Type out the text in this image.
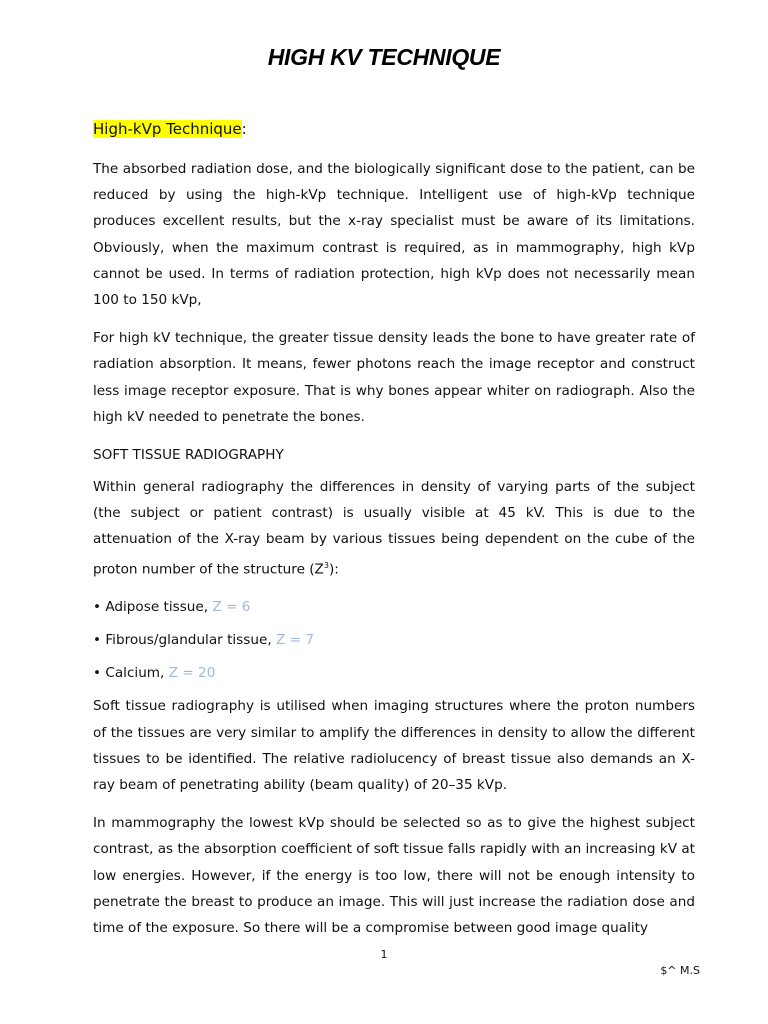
HIGH KV TECHNIQUE
High-kVp Technique:

The absorbed radiation dose, and the biologically significant dose to the patient, can be reduced by using the high-kVp technique. Intelligent use of high-kVp technique produces excellent results, but the x-ray specialist must be aware of its limitations. Obviously, when the maximum contrast is required, as in mammography, high kVp cannot be used. In terms of radiation protection, high kVp does not necessarily mean 100 to 150 kVp,

For high kV technique, the greater tissue density leads the bone to have greater rate of radiation absorption. It means, fewer photons reach the image receptor and construct less image receptor exposure. That is why bones appear whiter on radiograph. Also the high kV needed to penetrate the bones.

SOFT TISSUE RADIOGRAPHY

Within general radiography the differences in density of varying parts of the subject (the subject or patient contrast) is usually visible at 45 kV. This is due to the attenuation of the X-ray beam by various tissues being dependent on the cube of the proton number of the structure $(Z^3)$:

• Adipose tissue, Z = 6
• Fibrous/glandular tissue, Z = 7
• Calcium, Z = 20

Soft tissue radiography is utilised when imaging structures where the proton numbers of the tissues are very similar to amplify the differences in density to allow the different tissues to be identified. The relative radiolucency of breast tissue also demands an X-ray beam of penetrating ability (beam quality) of 20–35 kVp.

In mammography the lowest kVp should be selected so as to give the highest subject contrast, as the absorption coefficient of soft tissue falls rapidly with an increasing kV at low energies. However, if the energy is too low, there will not be enough intensity to penetrate the breast to produce an image. This will just increase the radiation dose and time of the exposure. So there will be a compromise between good image quality

1
$^ M.S
